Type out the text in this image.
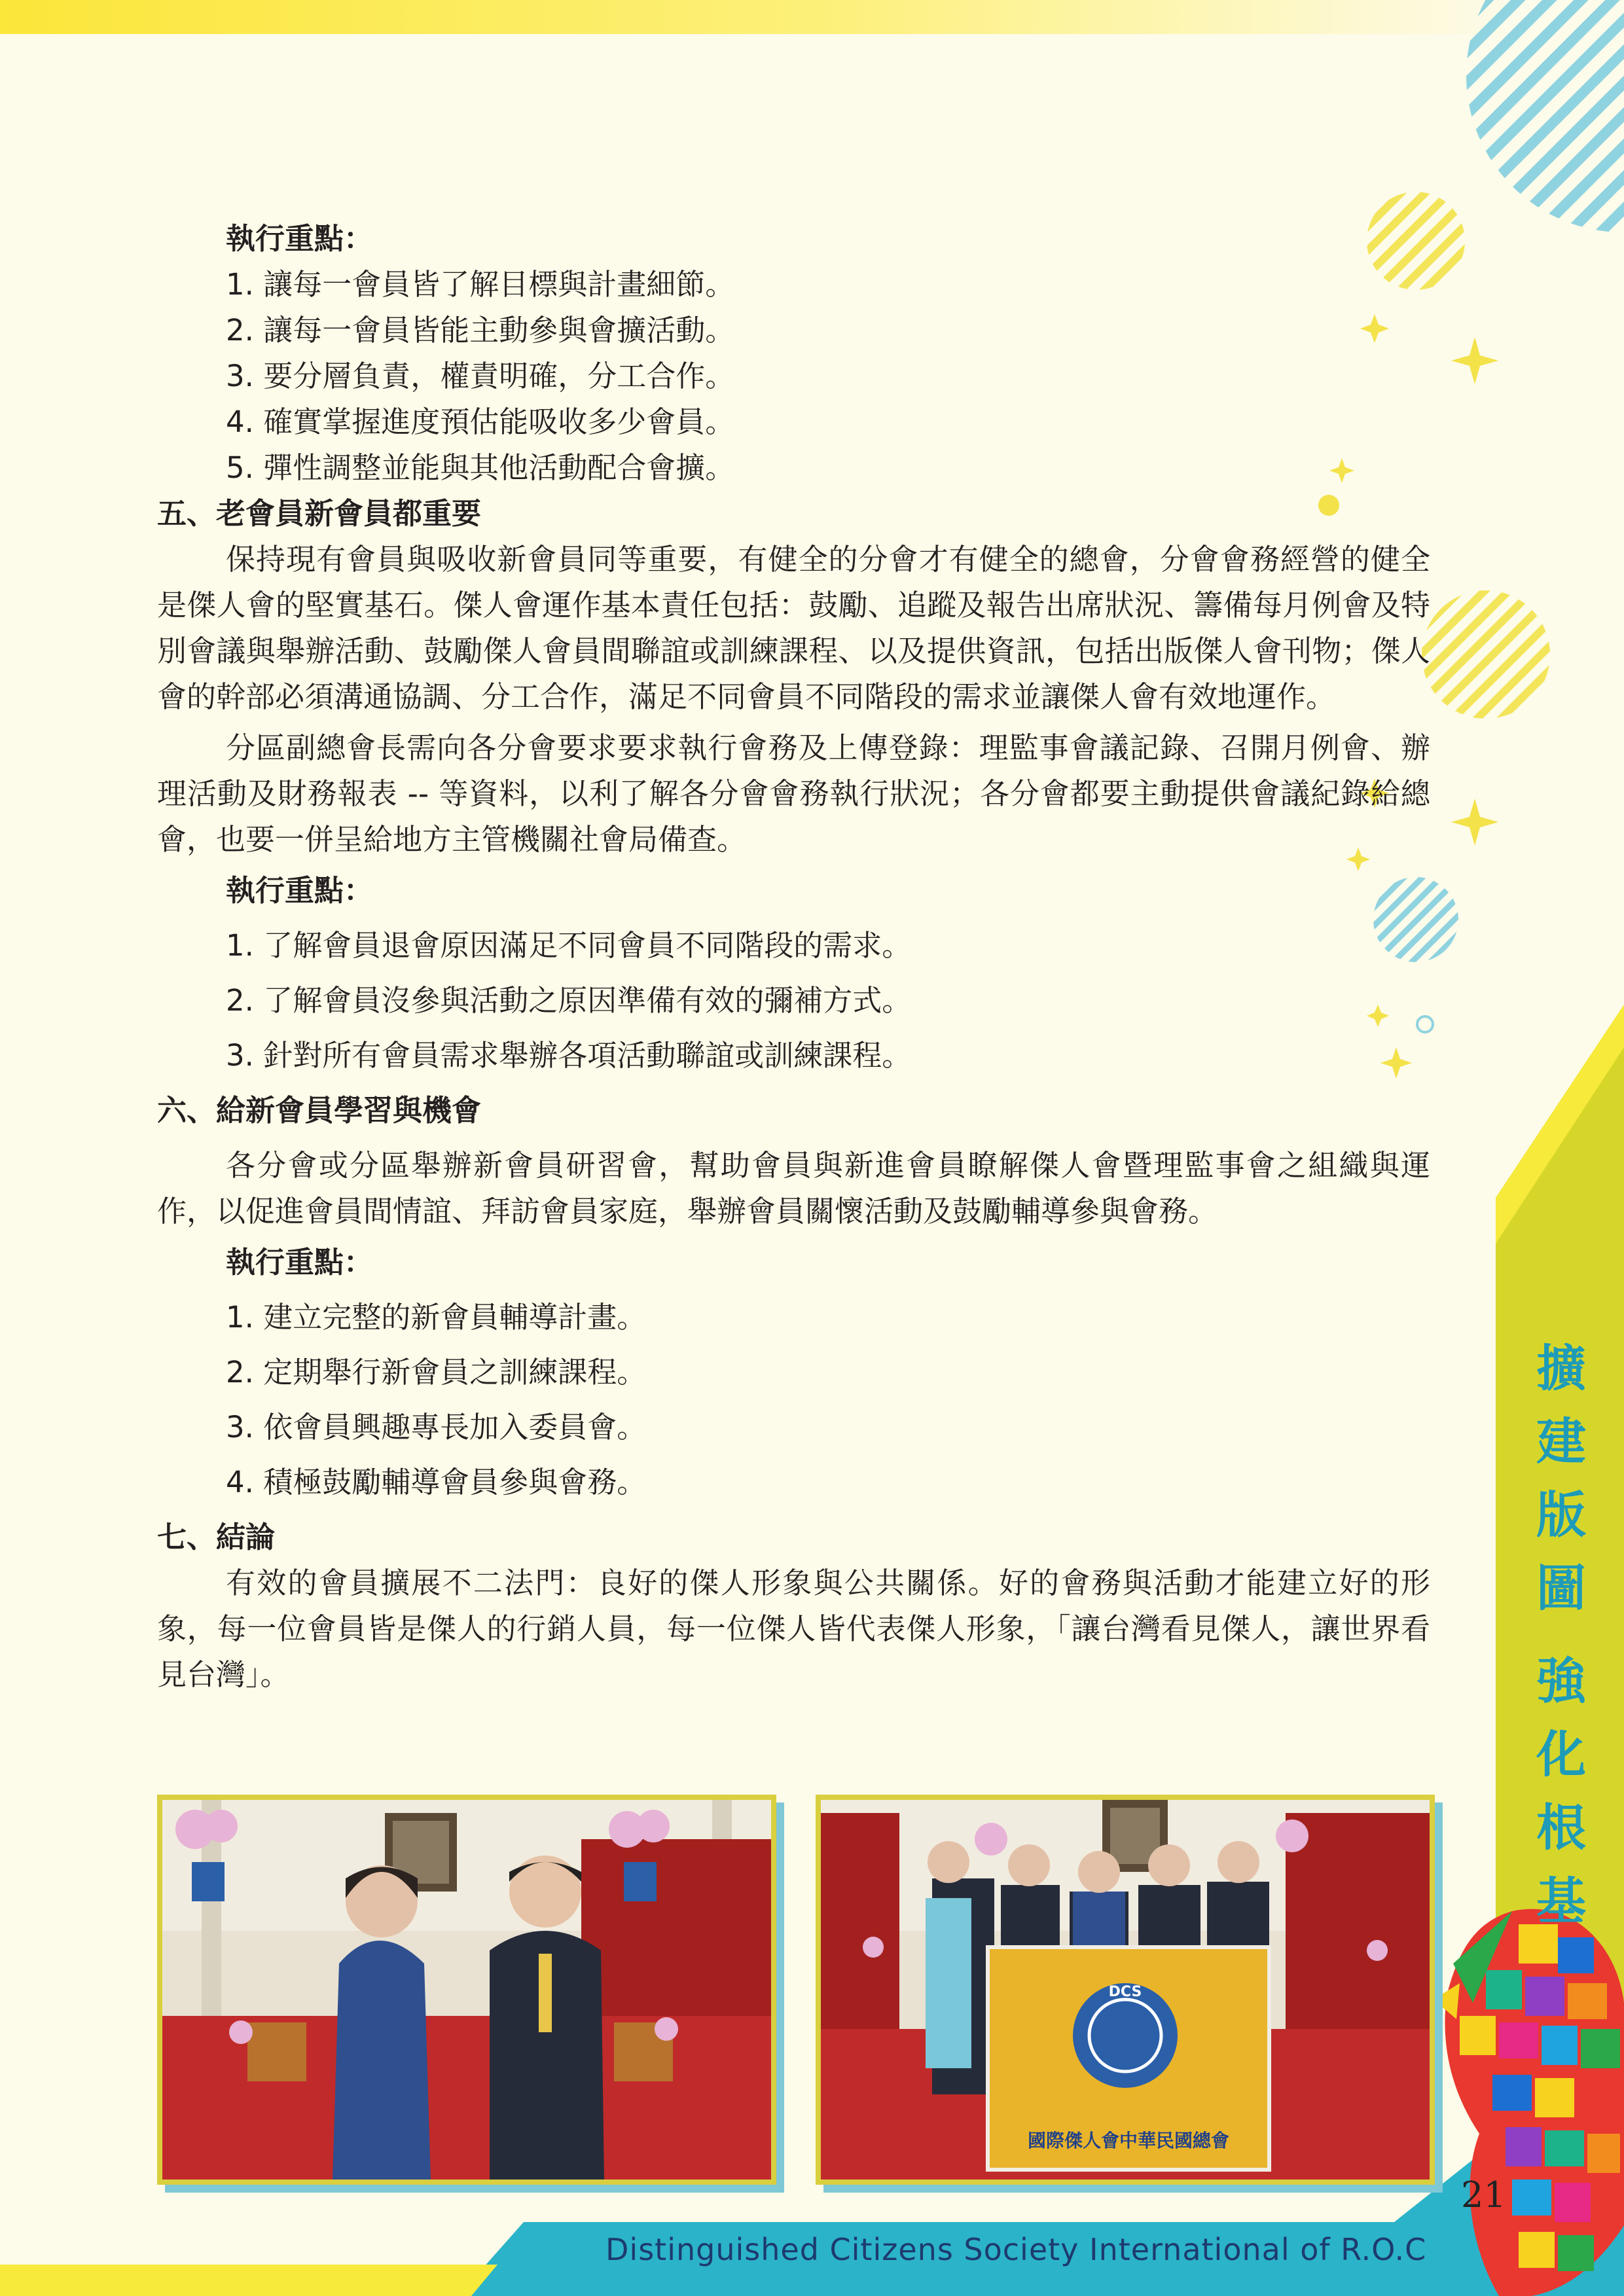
執行重點：

1. 讓每一會員皆了解目標與計畫細節。

2. 讓每一會員皆能主動參與會擴活動。

3. 要分層負責，權責明確，分工合作。

4. 確實掌握進度預估能吸收多少會員。

5. 彈性調整並能與其他活動配合會擴。

五、老會員新會員都重要

保持現有會員與吸收新會員同等重要，有健全的分會才有健全的總會，分會會務經營的健全是傑人會的堅實基石。傑人會運作基本責任包括：鼓勵、追蹤及報告出席狀況、籌備每月例會及特別會議與舉辦活動、鼓勵傑人會員間聯誼或訓練課程、以及提供資訊，包括出版傑人會刊物；傑人會的幹部必須溝通協調、分工合作，滿足不同會員不同階段的需求並讓傑人會有效地運作。

分區副總會長需向各分會要求要求執行會務及上傳登錄：理監事會議記錄、召開月例會、辦理活動及財務報表 -- 等資料，以利了解各分會會務執行狀況；各分會都要主動提供會議紀錄給總會，也要一併呈給地方主管機關社會局備查。

執行重點：

1. 了解會員退會原因滿足不同會員不同階段的需求。

2. 了解會員沒參與活動之原因準備有效的彌補方式。

3. 針對所有會員需求舉辦各項活動聯誼或訓練課程。

六、給新會員學習與機會

各分會或分區舉辦新會員研習會，幫助會員與新進會員瞭解傑人會暨理監事會之組織與運作，以促進會員間情誼、拜訪會員家庭，舉辦會員關懷活動及鼓勵輔導參與會務。

執行重點：

1. 建立完整的新會員輔導計畫。

2. 定期舉行新會員之訓練課程。

3. 依會員興趣專長加入委員會。

4. 積極鼓勵輔導會員參與會務。

七、結論

有效的會員擴展不二法門：良好的傑人形象與公共關係。好的會務與活動才能建立好的形象，每一位會員皆是傑人的行銷人員，每一位傑人皆代表傑人形象，「讓台灣看見傑人，讓世界看見台灣」。

DCS
國際傑人會中華民國總會
擴
建
版
圖
強
化
根
基
21
Distinguished Citizens Society International of R.O.C
